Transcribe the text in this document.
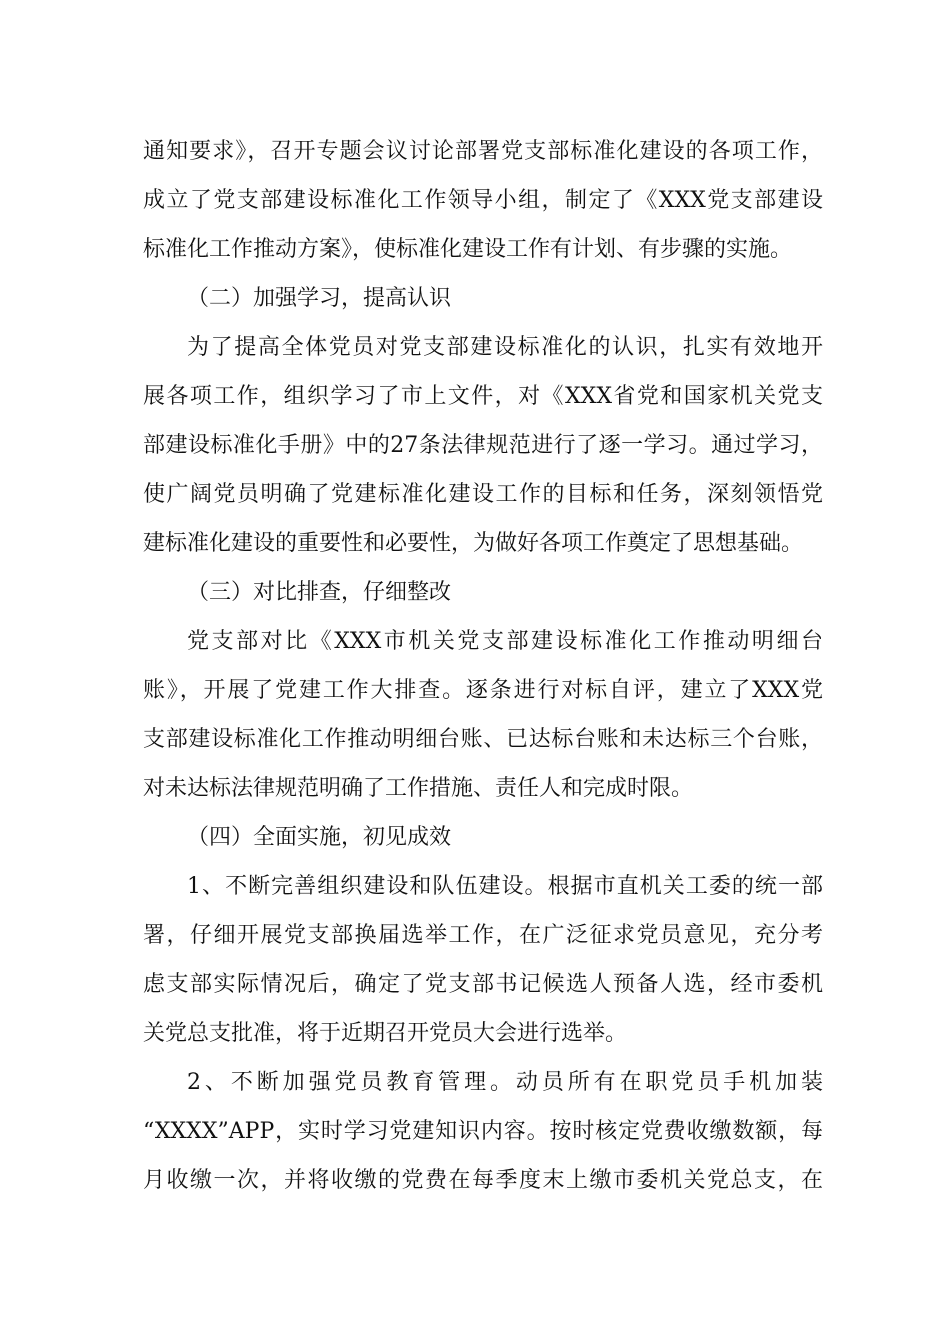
通知要求》，召开专题会议讨论部署党支部标准化建设的各项工作，
成立了党支部建设标准化工作领导小组，制定了《XXX党支部建设
标准化工作推动方案》，使标准化建设工作有计划、有步骤的实施。
（二）加强学习，提高认识
为了提高全体党员对党支部建设标准化的认识，扎实有效地开
展各项工作，组织学习了市上文件，对《XXX省党和国家机关党支
部建设标准化手册》中的27条法律规范进行了逐一学习。通过学习，
使广阔党员明确了党建标准化建设工作的目标和任务，深刻领悟党
建标准化建设的重要性和必要性，为做好各项工作奠定了思想基础。
（三）对比排查，仔细整改
党支部对比《XXX市机关党支部建设标准化工作推动明细台
账》，开展了党建工作大排查。逐条进行对标自评，建立了XXX党
支部建设标准化工作推动明细台账、已达标台账和未达标三个台账，
对未达标法律规范明确了工作措施、责任人和完成时限。
（四）全面实施，初见成效
1、不断完善组织建设和队伍建设。根据市直机关工委的统一部
署，仔细开展党支部换届选举工作，在广泛征求党员意见，充分考
虑支部实际情况后，确定了党支部书记候选人预备人选，经市委机
关党总支批准，将于近期召开党员大会进行选举。
2、不断加强党员教育管理。动员所有在职党员手机加装
“XXXX”APP，实时学习党建知识内容。按时核定党费收缴数额，每
月收缴一次，并将收缴的党费在每季度末上缴市委机关党总支，在
